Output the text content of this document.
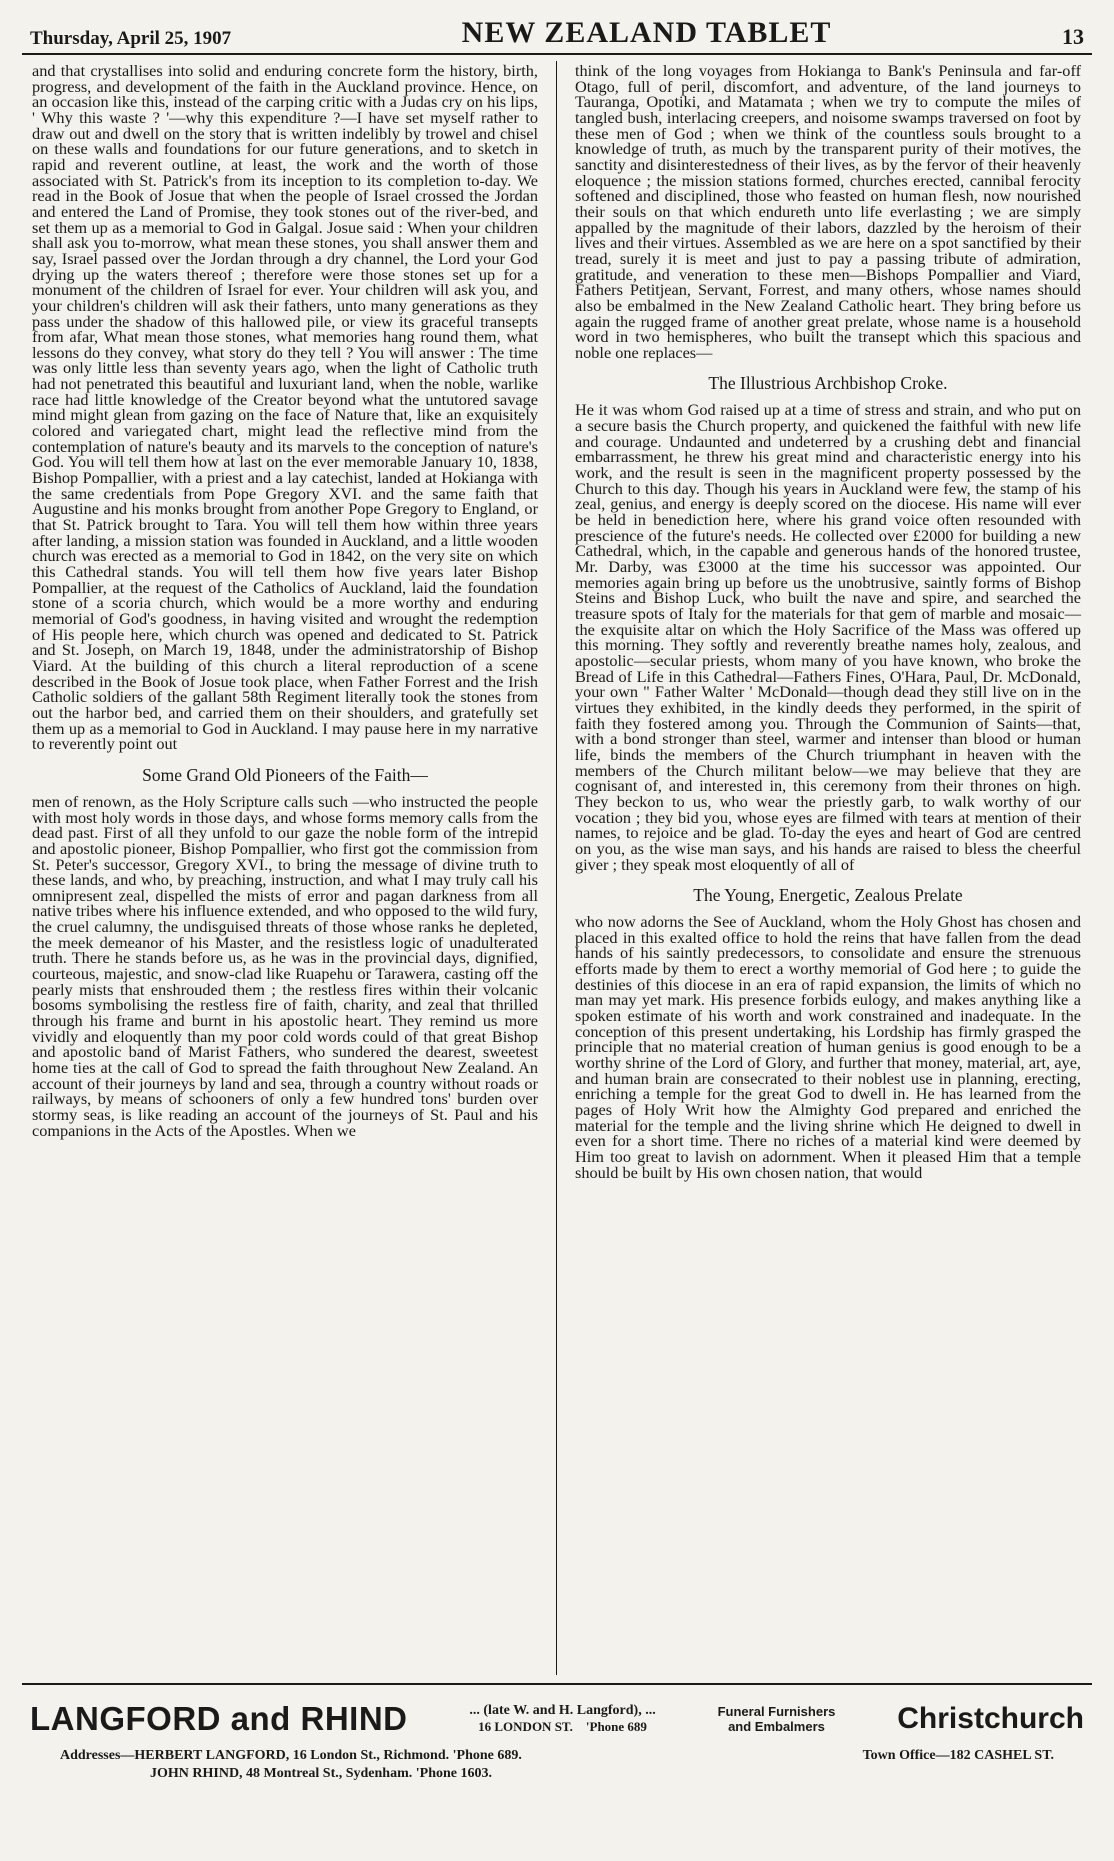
Thursday, April 25, 1907	NEW ZEALAND TABLET	13

and that crystallises into solid and enduring concrete form the history, birth, progress, and development of the faith in the Auckland province. Hence, on an occasion like this, instead of the carping critic with a Judas cry on his lips, ' Why this waste ? '—why this expenditure ?—I have set myself rather to draw out and dwell on the story that is written indelibly by trowel and chisel on these walls and foundations for our future generations, and to sketch in rapid and reverent outline, at least, the work and the worth of those associated with St. Patrick's from its inception to its completion to-day. We read in the Book of Josue that when the people of Israel crossed the Jordan and entered the Land of Promise, they took stones out of the river-bed, and set them up as a memorial to God in Galgal. Josue said : When your children shall ask you to-morrow, what mean these stones, you shall answer them and say, Israel passed over the Jordan through a dry channel, the Lord your God drying up the waters thereof ; therefore were those stones set up for a monument of the children of Israel for ever. Your children will ask you, and your children's children will ask their fathers, unto many generations as they pass under the shadow of this hallowed pile, or view its graceful transepts from afar, What mean those stones, what memories hang round them, what lessons do they convey, what story do they tell ? You will answer : The time was only little less than seventy years ago, when the light of Catholic truth had not penetrated this beautiful and luxuriant land, when the noble, warlike race had little knowledge of the Creator beyond what the untutored savage mind might glean from gazing on the face of Nature that, like an exquisitely colored and variegated chart, might lead the reflective mind from the contemplation of nature's beauty and its marvels to the conception of nature's God. You will tell them how at last on the ever memorable January 10, 1838, Bishop Pompallier, with a priest and a lay catechist, landed at Hokianga with the same credentials from Pope Gregory XVI. and the same faith that Augustine and his monks brought from another Pope Gregory to England, or that St. Patrick brought to Tara. You will tell them how within three years after landing, a mission station was founded in Auckland, and a little wooden church was erected as a memorial to God in 1842, on the very site on which this Cathedral stands. You will tell them how five years later Bishop Pompallier, at the request of the Catholics of Auckland, laid the foundation stone of a scoria church, which would be a more worthy and enduring memorial of God's goodness, in having visited and wrought the redemption of His people here, which church was opened and dedicated to St. Patrick and St. Joseph, on March 19, 1848, under the administratorship of Bishop Viard. At the building of this church a literal reproduction of a scene described in the Book of Josue took place, when Father Forrest and the Irish Catholic soldiers of the gallant 58th Regiment literally took the stones from out the harbor bed, and carried them on their shoulders, and gratefully set them up as a memorial to God in Auckland. I may pause here in my narrative to reverently point out

Some Grand Old Pioneers of the Faith—

men of renown, as the Holy Scripture calls such —who instructed the people with most holy words in those days, and whose forms memory calls from the dead past. First of all they unfold to our gaze the noble form of the intrepid and apostolic pioneer, Bishop Pompallier, who first got the commission from St. Peter's successor, Gregory XVI., to bring the message of divine truth to these lands, and who, by preaching, instruction, and what I may truly call his omnipresent zeal, dispelled the mists of error and pagan darkness from all native tribes where his influence extended, and who opposed to the wild fury, the cruel calumny, the undisguised threats of those whose ranks he depleted, the meek demeanor of his Master, and the resistless logic of unadulterated truth. There he stands before us, as he was in the provincial days, dignified, courteous, majestic, and snow-clad like Ruapehu or Tarawera, casting off the pearly mists that enshrouded them ; the restless fires within their volcanic bosoms symbolising the restless fire of faith, charity, and zeal that thrilled through his frame and burnt in his apostolic heart. They remind us more vividly and eloquently than my poor cold words could of that great Bishop and apostolic band of Marist Fathers, who sundered the dearest, sweetest home ties at the call of God to spread the faith throughout New Zealand. An account of their journeys by land and sea, through a country without roads or railways, by means of schooners of only a few hundred tons' burden over stormy seas, is like reading an account of the journeys of St. Paul and his companions in the Acts of the Apostles. When we

think of the long voyages from Hokianga to Bank's Peninsula and far-off Otago, full of peril, discomfort, and adventure, of the land journeys to Tauranga, Opotiki, and Matamata ; when we try to compute the miles of tangled bush, interlacing creepers, and noisome swamps traversed on foot by these men of God ; when we think of the countless souls brought to a knowledge of truth, as much by the transparent purity of their motives, the sanctity and disinterestedness of their lives, as by the fervor of their heavenly eloquence ; the mission stations formed, churches erected, cannibal ferocity softened and disciplined, those who feasted on human flesh, now nourished their souls on that which endureth unto life everlasting ; we are simply appalled by the magnitude of their labors, dazzled by the heroism of their lives and their virtues. Assembled as we are here on a spot sanctified by their tread, surely it is meet and just to pay a passing tribute of admiration, gratitude, and veneration to these men—Bishops Pompallier and Viard, Fathers Petitjean, Servant, Forrest, and many others, whose names should also be embalmed in the New Zealand Catholic heart. They bring before us again the rugged frame of another great prelate, whose name is a household word in two hemispheres, who built the transept which this spacious and noble one replaces—

The Illustrious Archbishop Croke.

He it was whom God raised up at a time of stress and strain, and who put on a secure basis the Church property, and quickened the faithful with new life and courage. Undaunted and undeterred by a crushing debt and financial embarrassment, he threw his great mind and characteristic energy into his work, and the result is seen in the magnificent property possessed by the Church to this day. Though his years in Auckland were few, the stamp of his zeal, genius, and energy is deeply scored on the diocese. His name will ever be held in benediction here, where his grand voice often resounded with prescience of the future's needs. He collected over £2000 for building a new Cathedral, which, in the capable and generous hands of the honored trustee, Mr. Darby, was £3000 at the time his successor was appointed. Our memories again bring up before us the unobtrusive, saintly forms of Bishop Steins and Bishop Luck, who built the nave and spire, and searched the treasure spots of Italy for the materials for that gem of marble and mosaic—the exquisite altar on which the Holy Sacrifice of the Mass was offered up this morning. They softly and reverently breathe names holy, zealous, and apostolic—secular priests, whom many of you have known, who broke the Bread of Life in this Cathedral—Fathers Fines, O'Hara, Paul, Dr. McDonald, your own " Father Walter ' McDonald—though dead they still live on in the virtues they exhibited, in the kindly deeds they performed, in the spirit of faith they fostered among you. Through the Communion of Saints—that, with a bond stronger than steel, warmer and intenser than blood or human life, binds the members of the Church triumphant in heaven with the members of the Church militant below—we may believe that they are cognisant of, and interested in, this ceremony from their thrones on high. They beckon to us, who wear the priestly garb, to walk worthy of our vocation ; they bid you, whose eyes are filmed with tears at mention of their names, to rejoice and be glad. To-day the eyes and heart of God are centred on you, as the wise man says, and his hands are raised to bless the cheerful giver ; they speak most eloquently of all of

The Young, Energetic, Zealous Prelate

who now adorns the See of Auckland, whom the Holy Ghost has chosen and placed in this exalted office to hold the reins that have fallen from the dead hands of his saintly predecessors, to consolidate and ensure the strenuous efforts made by them to erect a worthy memorial of God here ; to guide the destinies of this diocese in an era of rapid expansion, the limits of which no man may yet mark. His presence forbids eulogy, and makes anything like a spoken estimate of his worth and work constrained and inadequate. In the conception of this present undertaking, his Lordship has firmly grasped the principle that no material creation of human genius is good enough to be a worthy shrine of the Lord of Glory, and further that money, material, art, aye, and human brain are consecrated to their noblest use in planning, erecting, enriching a temple for the great God to dwell in. He has learned from the pages of Holy Writ how the Almighty God prepared and enriched the material for the temple and the living shrine which He deigned to dwell in even for a short time. There no riches of a material kind were deemed by Him too great to lavish on adornment. When it pleased Him that a temple should be built by His own chosen nation, that would

LANGFORD and RHIND	... (late W. and H. Langford), ...
16 LONDON ST. 'Phone 689
Funeral Furnishers
and Embalmers	Christchurch
Addresses—HERBERT LANGFORD, 16 London St., Richmond. 'Phone 689.	Town Office—182 CASHEL ST.
JOHN RHIND, 48 Montreal St., Sydenham. 'Phone 1603.
